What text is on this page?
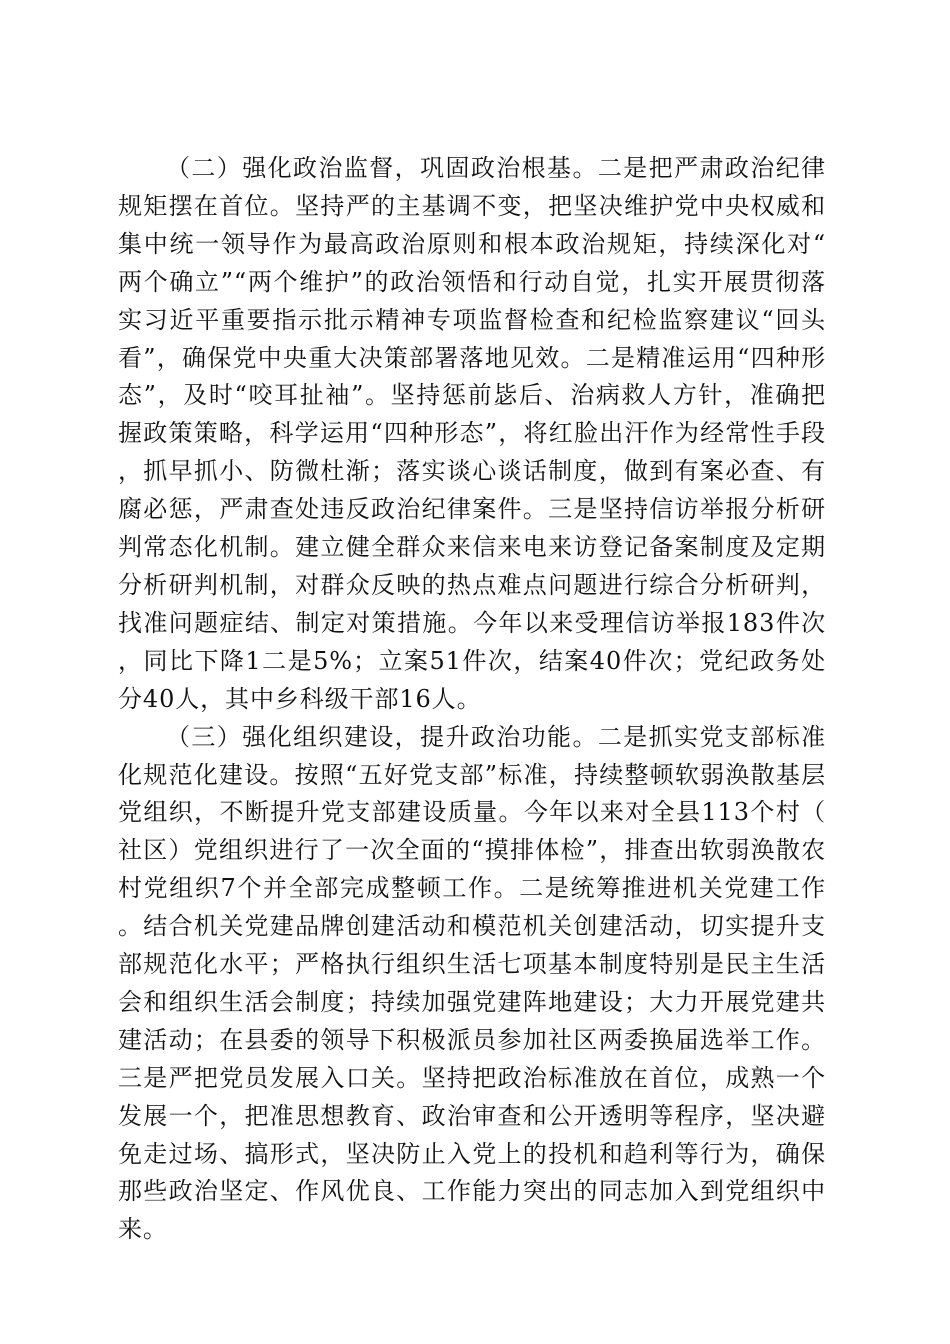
（二）强化政治监督，巩固政治根基。二是把严肃政治纪律规矩摆在首位。坚持严的主基调不变，把坚决维护党中央权威和集中统一领导作为最高政治原则和根本政治规矩，持续深化对“两个确立”“两个维护”的政治领悟和行动自觉，扎实开展贯彻落实习近平重要指示批示精神专项监督检查和纪检监察建议“回头看”，确保党中央重大决策部署落地见效。二是精准运用“四种形态”，及时“咬耳扯袖”。坚持惩前毖后、治病救人方针，准确把握政策策略，科学运用“四种形态”，将红脸出汗作为经常性手段，抓早抓小、防微杜渐；落实谈心谈话制度，做到有案必查、有腐必惩，严肃查处违反政治纪律案件。三是坚持信访举报分析研判常态化机制。建立健全群众来信来电来访登记备案制度及定期分析研判机制，对群众反映的热点难点问题进行综合分析研判，找准问题症结、制定对策措施。今年以来受理信访举报183件次，同比下降1二是5%；立案51件次，结案40件次；党纪政务处分40人，其中乡科级干部16人。

（三）强化组织建设，提升政治功能。二是抓实党支部标准化规范化建设。按照“五好党支部”标准，持续整顿软弱涣散基层党组织，不断提升党支部建设质量。今年以来对全县113个村（社区）党组织进行了一次全面的“摸排体检”，排查出软弱涣散农村党组织7个并全部完成整顿工作。二是统筹推进机关党建工作。结合机关党建品牌创建活动和模范机关创建活动，切实提升支部规范化水平；严格执行组织生活七项基本制度特别是民主生活会和组织生活会制度；持续加强党建阵地建设；大力开展党建共建活动；在县委的领导下积极派员参加社区两委换届选举工作。三是严把党员发展入口关。坚持把政治标准放在首位，成熟一个发展一个，把准思想教育、政治审查和公开透明等程序，坚决避免走过场、搞形式，坚决防止入党上的投机和趋利等行为，确保那些政治坚定、作风优良、工作能力突出的同志加入到党组织中来。
